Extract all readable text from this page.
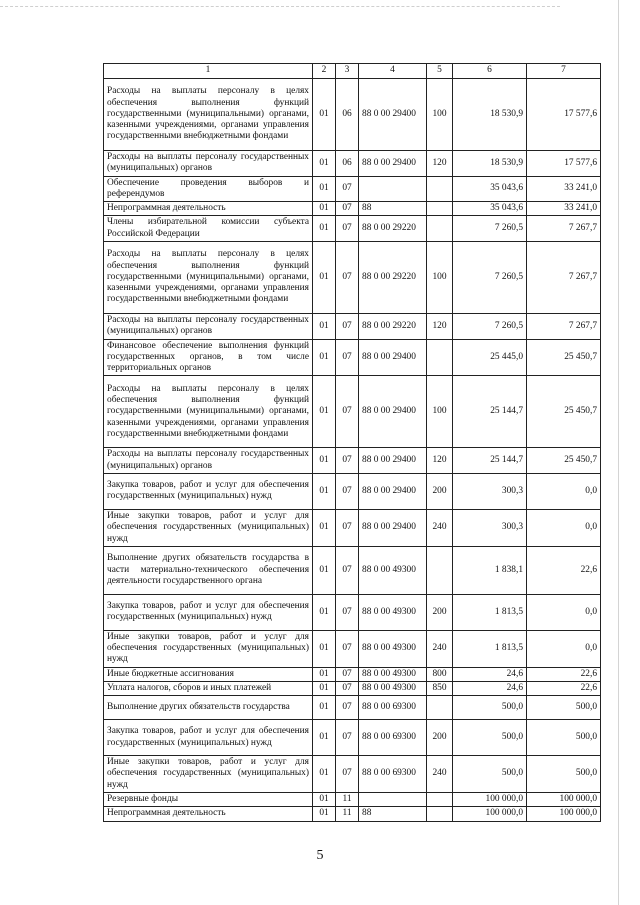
1	2	3	4	5	6	7
Расходы на выплаты персоналу в целях обеспечения выполнения функций государственными (муниципальными) органами, казенными учреждениями, органами управления государственными внебюджетными фондами	01	06	88 0 00 29400	100	18 530,9	17 577,6
Расходы на выплаты персоналу государственных (муниципальных) органов	01	06	88 0 00 29400	120	18 530,9	17 577,6
Обеспечение проведения выборов и референдумов	01	07			35 043,6	33 241,0
Непрограммная деятельность	01	07	88		35 043,6	33 241,0
Члены избирательной комиссии субъекта Российской Федерации	01	07	88 0 00 29220		7 260,5	7 267,7
Расходы на выплаты персоналу в целях обеспечения выполнения функций государственными (муниципальными) органами, казенными учреждениями, органами управления государственными внебюджетными фондами	01	07	88 0 00 29220	100	7 260,5	7 267,7
Расходы на выплаты персоналу государственных (муниципальных) органов	01	07	88 0 00 29220	120	7 260,5	7 267,7
Финансовое обеспечение выполнения функций государственных органов, в том числе территориальных органов	01	07	88 0 00 29400		25 445,0	25 450,7
Расходы на выплаты персоналу в целях обеспечения выполнения функций государственными (муниципальными) органами, казенными учреждениями, органами управления государственными внебюджетными фондами	01	07	88 0 00 29400	100	25 144,7	25 450,7
Расходы на выплаты персоналу государственных (муниципальных) органов	01	07	88 0 00 29400	120	25 144,7	25 450,7
Закупка товаров, работ и услуг для обеспечения государственных (муниципальных) нужд	01	07	88 0 00 29400	200	300,3	0,0
Иные закупки товаров, работ и услуг для обеспечения государственных (муниципальных) нужд	01	07	88 0 00 29400	240	300,3	0,0
Выполнение других обязательств государства в части материально-технического обеспечения деятельности государственного органа	01	07	88 0 00 49300		1 838,1	22,6
Закупка товаров, работ и услуг для обеспечения государственных (муниципальных) нужд	01	07	88 0 00 49300	200	1 813,5	0,0
Иные закупки товаров, работ и услуг для обеспечения государственных (муниципальных) нужд	01	07	88 0 00 49300	240	1 813,5	0,0
Иные бюджетные ассигнования	01	07	88 0 00 49300	800	24,6	22,6
Уплата налогов, сборов и иных платежей	01	07	88 0 00 49300	850	24,6	22,6
Выполнение других обязательств государства	01	07	88 0 00 69300		500,0	500,0
Закупка товаров, работ и услуг для обеспечения государственных (муниципальных) нужд	01	07	88 0 00 69300	200	500,0	500,0
Иные закупки товаров, работ и услуг для обеспечения государственных (муниципальных) нужд	01	07	88 0 00 69300	240	500,0	500,0
Резервные фонды	01	11			100 000,0	100 000,0
Непрограммная деятельность	01	11	88		100 000,0	100 000,0
5
